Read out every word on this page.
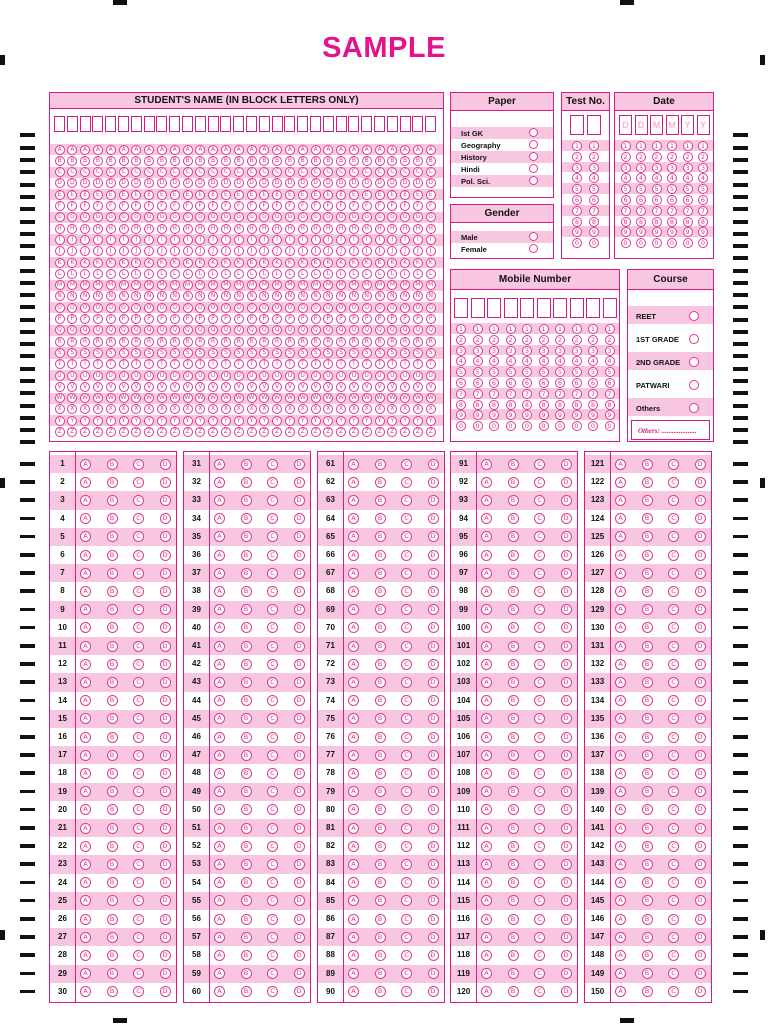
SAMPLE
STUDENT'S NAME (IN BLOCK LETTERS ONLY)
A
B
C
D
E
F
G
H
I
J
K
L
M
N
O
P
Q
R
S
T
U
V
W
X
Y
Z
A
B
C
D
E
F
G
H
I
J
K
L
M
N
O
P
Q
R
S
T
U
V
W
X
Y
Z
A
B
C
D
E
F
G
H
I
J
K
L
M
N
O
P
Q
R
S
T
U
V
W
X
Y
Z
A
B
C
D
E
F
G
H
I
J
K
L
M
N
O
P
Q
R
S
T
U
V
W
X
Y
Z
A
B
C
D
E
F
G
H
I
J
K
L
M
N
O
P
Q
R
S
T
U
V
W
X
Y
Z
A
B
C
D
E
F
G
H
I
J
K
L
M
N
O
P
Q
R
S
T
U
V
W
X
Y
Z
A
B
C
D
E
F
G
H
I
J
K
L
M
N
O
P
Q
R
S
T
U
V
W
X
Y
Z
A
B
C
D
E
F
G
H
I
J
K
L
M
N
O
P
Q
R
S
T
U
V
W
X
Y
Z
A
B
C
D
E
F
G
H
I
J
K
L
M
N
O
P
Q
R
S
T
U
V
W
X
Y
Z
A
B
C
D
E
F
G
H
I
J
K
L
M
N
O
P
Q
R
S
T
U
V
W
X
Y
Z
A
B
C
D
E
F
G
H
I
J
K
L
M
N
O
P
Q
R
S
T
U
V
W
X
Y
Z
A
B
C
D
E
F
G
H
I
J
K
L
M
N
O
P
Q
R
S
T
U
V
W
X
Y
Z
A
B
C
D
E
F
G
H
I
J
K
L
M
N
O
P
Q
R
S
T
U
V
W
X
Y
Z
A
B
C
D
E
F
G
H
I
J
K
L
M
N
O
P
Q
R
S
T
U
V
W
X
Y
Z
A
B
C
D
E
F
G
H
I
J
K
L
M
N
O
P
Q
R
S
T
U
V
W
X
Y
Z
A
B
C
D
E
F
G
H
I
J
K
L
M
N
O
P
Q
R
S
T
U
V
W
X
Y
Z
A
B
C
D
E
F
G
H
I
J
K
L
M
N
O
P
Q
R
S
T
U
V
W
X
Y
Z
A
B
C
D
E
F
G
H
I
J
K
L
M
N
O
P
Q
R
S
T
U
V
W
X
Y
Z
A
B
C
D
E
F
G
H
I
J
K
L
M
N
O
P
Q
R
S
T
U
V
W
X
Y
Z
A
B
C
D
E
F
G
H
I
J
K
L
M
N
O
P
Q
R
S
T
U
V
W
X
Y
Z
A
B
C
D
E
F
G
H
I
J
K
L
M
N
O
P
Q
R
S
T
U
V
W
X
Y
Z
A
B
C
D
E
F
G
H
I
J
K
L
M
N
O
P
Q
R
S
T
U
V
W
X
Y
Z
A
B
C
D
E
F
G
H
I
J
K
L
M
N
O
P
Q
R
S
T
U
V
W
X
Y
Z
A
B
C
D
E
F
G
H
I
J
K
L
M
N
O
P
Q
R
S
T
U
V
W
X
Y
Z
A
B
C
D
E
F
G
H
I
J
K
L
M
N
O
P
Q
R
S
T
U
V
W
X
Y
Z
A
B
C
D
E
F
G
H
I
J
K
L
M
N
O
P
Q
R
S
T
U
V
W
X
Y
Z
A
B
C
D
E
F
G
H
I
J
K
L
M
N
O
P
Q
R
S
T
U
V
W
X
Y
Z
A
B
C
D
E
F
G
H
I
J
K
L
M
N
O
P
Q
R
S
T
U
V
W
X
Y
Z
A
B
C
D
E
F
G
H
I
J
K
L
M
N
O
P
Q
R
S
T
U
V
W
X
Y
Z
A
B
C
D
E
F
G
H
I
J
K
L
M
N
O
P
Q
R
S
T
U
V
W
X
Y
Z
Paper
Ist GK
Geography
History
Hindi
Pol. Sci.
Gender
Male
Female
Test No.
1
2
3
4
5
6
7
8
9
0
1
2
3
4
5
6
7
8
9
0
Date
D
1
2
3
4
5
6
7
8
9
0
D
1
2
3
4
5
6
7
8
9
0
M
1
2
3
4
5
6
7
8
9
0
M
1
2
3
4
5
6
7
8
9
0
Y
1
2
3
4
5
6
7
8
9
0
Y
1
2
3
4
5
6
7
8
9
0
Mobile Number
1
2
3
4
5
6
7
8
9
0
1
2
3
4
5
6
7
8
9
0
1
2
3
4
5
6
7
8
9
0
1
2
3
4
5
6
7
8
9
0
1
2
3
4
5
6
7
8
9
0
1
2
3
4
5
6
7
8
9
0
1
2
3
4
5
6
7
8
9
0
1
2
3
4
5
6
7
8
9
0
1
2
3
4
5
6
7
8
9
0
1
2
3
4
5
6
7
8
9
0
Course
REET
1ST GRADE
2ND GRADE
PATWARI
Others
Others: ....................
1	A	B	C	D
2	A	B	C	D
3	A	B	C	D
4	A	B	C	D
5	A	B	C	D
6	A	B	C	D
7	A	B	C	D
8	A	B	C	D
9	A	B	C	D
10	A	B	C	D
11	A	B	C	D
12	A	B	C	D
13	A	B	C	D
14	A	B	C	D
15	A	B	C	D
16	A	B	C	D
17	A	B	C	D
18	A	B	C	D
19	A	B	C	D
20	A	B	C	D
21	A	B	C	D
22	A	B	C	D
23	A	B	C	D
24	A	B	C	D
25	A	B	C	D
26	A	B	C	D
27	A	B	C	D
28	A	B	C	D
29	A	B	C	D
30	A	B	C	D
31	A	B	C	D
32	A	B	C	D
33	A	B	C	D
34	A	B	C	D
35	A	B	C	D
36	A	B	C	D
37	A	B	C	D
38	A	B	C	D
39	A	B	C	D
40	A	B	C	D
41	A	B	C	D
42	A	B	C	D
43	A	B	C	D
44	A	B	C	D
45	A	B	C	D
46	A	B	C	D
47	A	B	C	D
48	A	B	C	D
49	A	B	C	D
50	A	B	C	D
51	A	B	C	D
52	A	B	C	D
53	A	B	C	D
54	A	B	C	D
55	A	B	C	D
56	A	B	C	D
57	A	B	C	D
58	A	B	C	D
59	A	B	C	D
60	A	B	C	D
61	A	B	C	D
62	A	B	C	D
63	A	B	C	D
64	A	B	C	D
65	A	B	C	D
66	A	B	C	D
67	A	B	C	D
68	A	B	C	D
69	A	B	C	D
70	A	B	C	D
71	A	B	C	D
72	A	B	C	D
73	A	B	C	D
74	A	B	C	D
75	A	B	C	D
76	A	B	C	D
77	A	B	C	D
78	A	B	C	D
79	A	B	C	D
80	A	B	C	D
81	A	B	C	D
82	A	B	C	D
83	A	B	C	D
84	A	B	C	D
85	A	B	C	D
86	A	B	C	D
87	A	B	C	D
88	A	B	C	D
89	A	B	C	D
90	A	B	C	D
91	A	B	C	D
92	A	B	C	D
93	A	B	C	D
94	A	B	C	D
95	A	B	C	D
96	A	B	C	D
97	A	B	C	D
98	A	B	C	D
99	A	B	C	D
100	A	B	C	D
101	A	B	C	D
102	A	B	C	D
103	A	B	C	D
104	A	B	C	D
105	A	B	C	D
106	A	B	C	D
107	A	B	C	D
108	A	B	C	D
109	A	B	C	D
110	A	B	C	D
111	A	B	C	D
112	A	B	C	D
113	A	B	C	D
114	A	B	C	D
115	A	B	C	D
116	A	B	C	D
117	A	B	C	D
118	A	B	C	D
119	A	B	C	D
120	A	B	C	D
121	A	B	C	D
122	A	B	C	D
123	A	B	C	D
124	A	B	C	D
125	A	B	C	D
126	A	B	C	D
127	A	B	C	D
128	A	B	C	D
129	A	B	C	D
130	A	B	C	D
131	A	B	C	D
132	A	B	C	D
133	A	B	C	D
134	A	B	C	D
135	A	B	C	D
136	A	B	C	D
137	A	B	C	D
138	A	B	C	D
139	A	B	C	D
140	A	B	C	D
141	A	B	C	D
142	A	B	C	D
143	A	B	C	D
144	A	B	C	D
145	A	B	C	D
146	A	B	C	D
147	A	B	C	D
148	A	B	C	D
149	A	B	C	D
150	A	B	C	D
